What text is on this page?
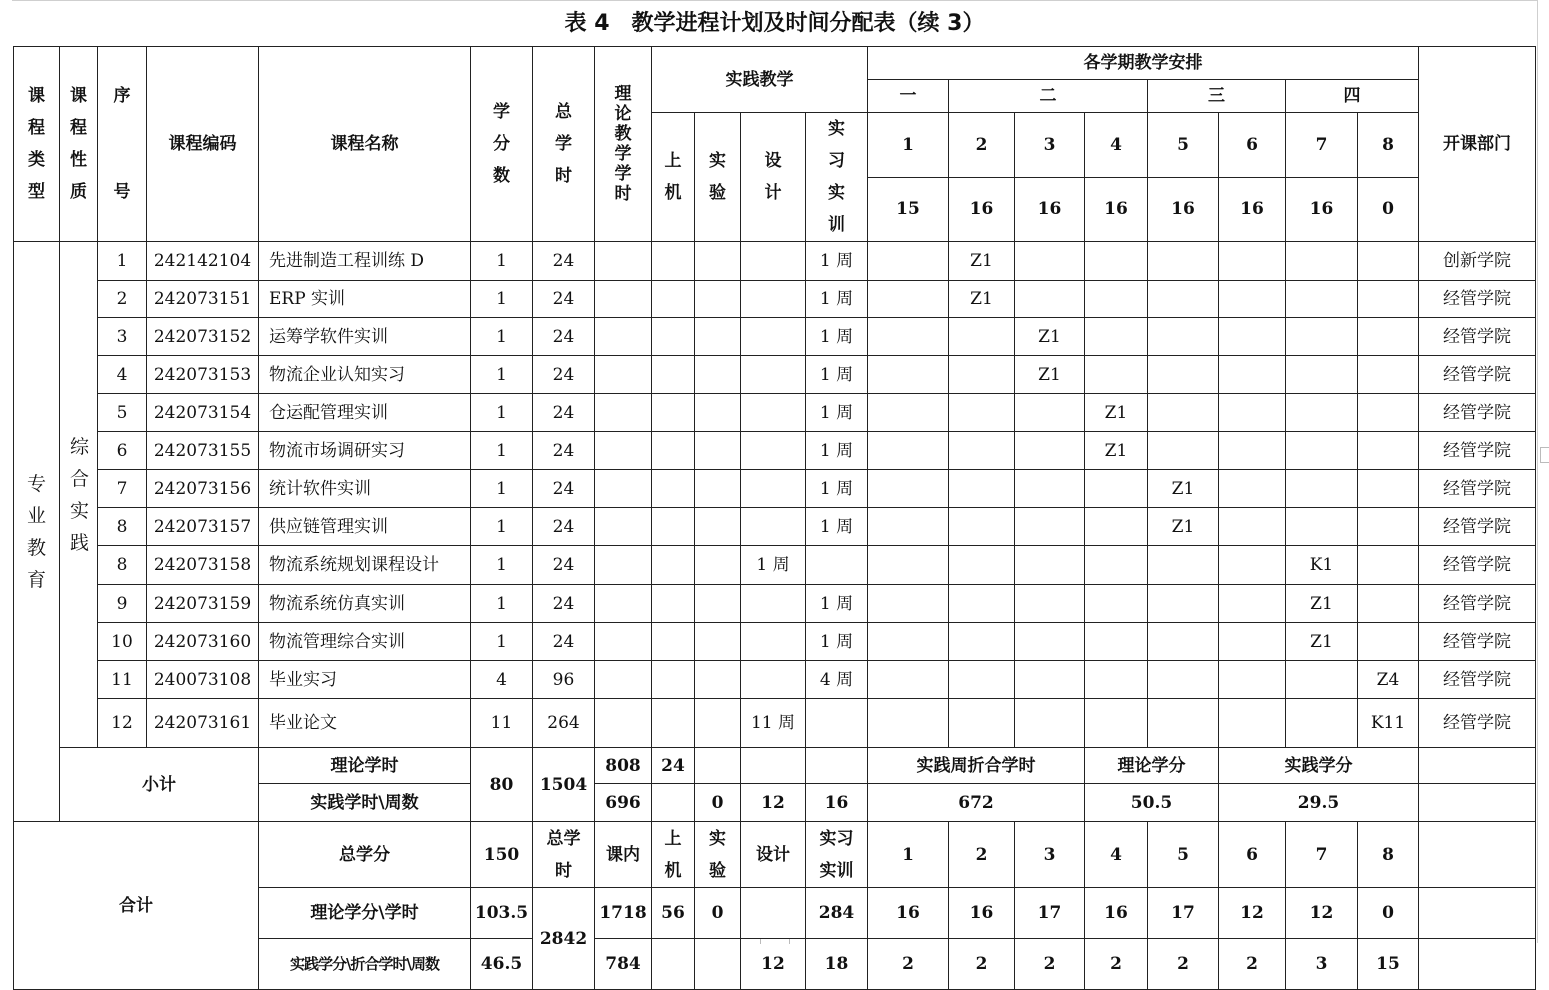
表 4　教学进程计划及时间分配表（续 3）
课程类型	课程性质	序号	课程编码	课程名称	学分数	总学时	理论教学学时	实践教学				各学期教学安排								开课部门
												一	二			三		四		
								上机	实验	设计	实习实训	1	2	3	4	5	6	7	8	
												15	16	16	16	16	16	16	0	
专业教育	综合实践	1	242142104	先进制造工程训练 D	1	24					1 周		Z1							创新学院
		2	242073151	ERP 实训	1	24					1 周		Z1							经管学院
		3	242073152	运筹学软件实训	1	24					1 周			Z1						经管学院
		4	242073153	物流企业认知实习	1	24					1 周			Z1						经管学院
		5	242073154	仓运配管理实训	1	24					1 周				Z1					经管学院
		6	242073155	物流市场调研实习	1	24					1 周				Z1					经管学院
		7	242073156	统计软件实训	1	24					1 周					Z1				经管学院
		8	242073157	供应链管理实训	1	24					1 周					Z1				经管学院
		8	242073158	物流系统规划课程设计	1	24				1 周								K1		经管学院
		9	242073159	物流系统仿真实训	1	24					1 周							Z1		经管学院
		10	242073160	物流管理综合实训	1	24					1 周							Z1		经管学院
		11	240073108	毕业实习	4	96					4 周								Z4	经管学院
		12	242073161	毕业论文	11	264				11 周									K11	经管学院
	小计			理论学时	80	1504	808	24				实践周折合学时			理论学分		实践学分			
				实践学时\周数			696		0	12	16	672			50.5		29.5			
合计				总学分	150	总学时	课内	上机	实验	设计	实习实训	1	2	3	4	5	6	7	8	
				理论学分\学时	103.5	2842	1718	56	0		284	16	16	17	16	17	12	12	0	
				实践学分\折合学时\周数	46.5		784			12	18	2	2	2	2	2	2	3	15	
